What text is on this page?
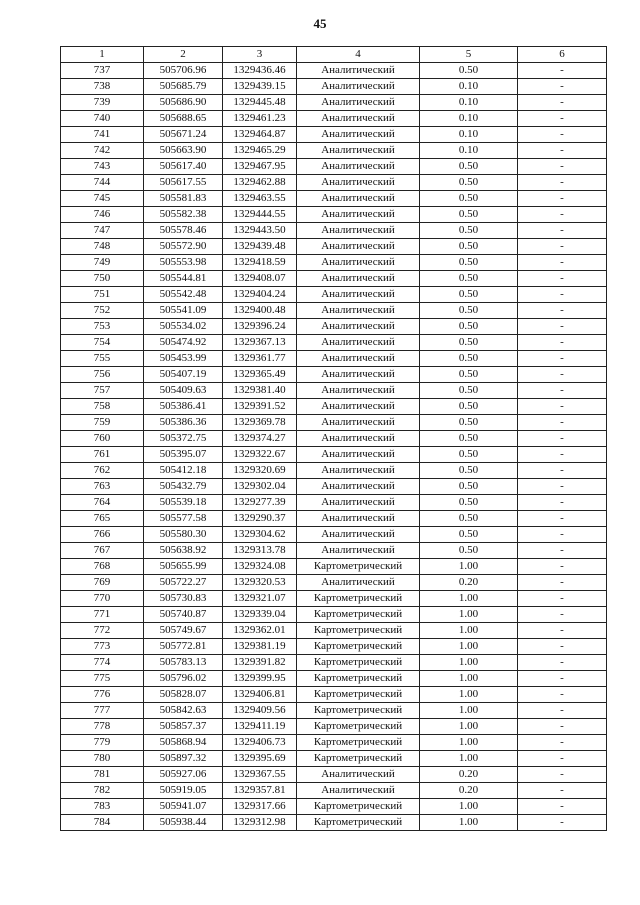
45
1	2	3	4	5	6
737	505706.96	1329436.46	Аналитический	0.50	-
738	505685.79	1329439.15	Аналитический	0.10	-
739	505686.90	1329445.48	Аналитический	0.10	-
740	505688.65	1329461.23	Аналитический	0.10	-
741	505671.24	1329464.87	Аналитический	0.10	-
742	505663.90	1329465.29	Аналитический	0.10	-
743	505617.40	1329467.95	Аналитический	0.50	-
744	505617.55	1329462.88	Аналитический	0.50	-
745	505581.83	1329463.55	Аналитический	0.50	-
746	505582.38	1329444.55	Аналитический	0.50	-
747	505578.46	1329443.50	Аналитический	0.50	-
748	505572.90	1329439.48	Аналитический	0.50	-
749	505553.98	1329418.59	Аналитический	0.50	-
750	505544.81	1329408.07	Аналитический	0.50	-
751	505542.48	1329404.24	Аналитический	0.50	-
752	505541.09	1329400.48	Аналитический	0.50	-
753	505534.02	1329396.24	Аналитический	0.50	-
754	505474.92	1329367.13	Аналитический	0.50	-
755	505453.99	1329361.77	Аналитический	0.50	-
756	505407.19	1329365.49	Аналитический	0.50	-
757	505409.63	1329381.40	Аналитический	0.50	-
758	505386.41	1329391.52	Аналитический	0.50	-
759	505386.36	1329369.78	Аналитический	0.50	-
760	505372.75	1329374.27	Аналитический	0.50	-
761	505395.07	1329322.67	Аналитический	0.50	-
762	505412.18	1329320.69	Аналитический	0.50	-
763	505432.79	1329302.04	Аналитический	0.50	-
764	505539.18	1329277.39	Аналитический	0.50	-
765	505577.58	1329290.37	Аналитический	0.50	-
766	505580.30	1329304.62	Аналитический	0.50	-
767	505638.92	1329313.78	Аналитический	0.50	-
768	505655.99	1329324.08	Картометрический	1.00	-
769	505722.27	1329320.53	Аналитический	0.20	-
770	505730.83	1329321.07	Картометрический	1.00	-
771	505740.87	1329339.04	Картометрический	1.00	-
772	505749.67	1329362.01	Картометрический	1.00	-
773	505772.81	1329381.19	Картометрический	1.00	-
774	505783.13	1329391.82	Картометрический	1.00	-
775	505796.02	1329399.95	Картометрический	1.00	-
776	505828.07	1329406.81	Картометрический	1.00	-
777	505842.63	1329409.56	Картометрический	1.00	-
778	505857.37	1329411.19	Картометрический	1.00	-
779	505868.94	1329406.73	Картометрический	1.00	-
780	505897.32	1329395.69	Картометрический	1.00	-
781	505927.06	1329367.55	Аналитический	0.20	-
782	505919.05	1329357.81	Аналитический	0.20	-
783	505941.07	1329317.66	Картометрический	1.00	-
784	505938.44	1329312.98	Картометрический	1.00	-
